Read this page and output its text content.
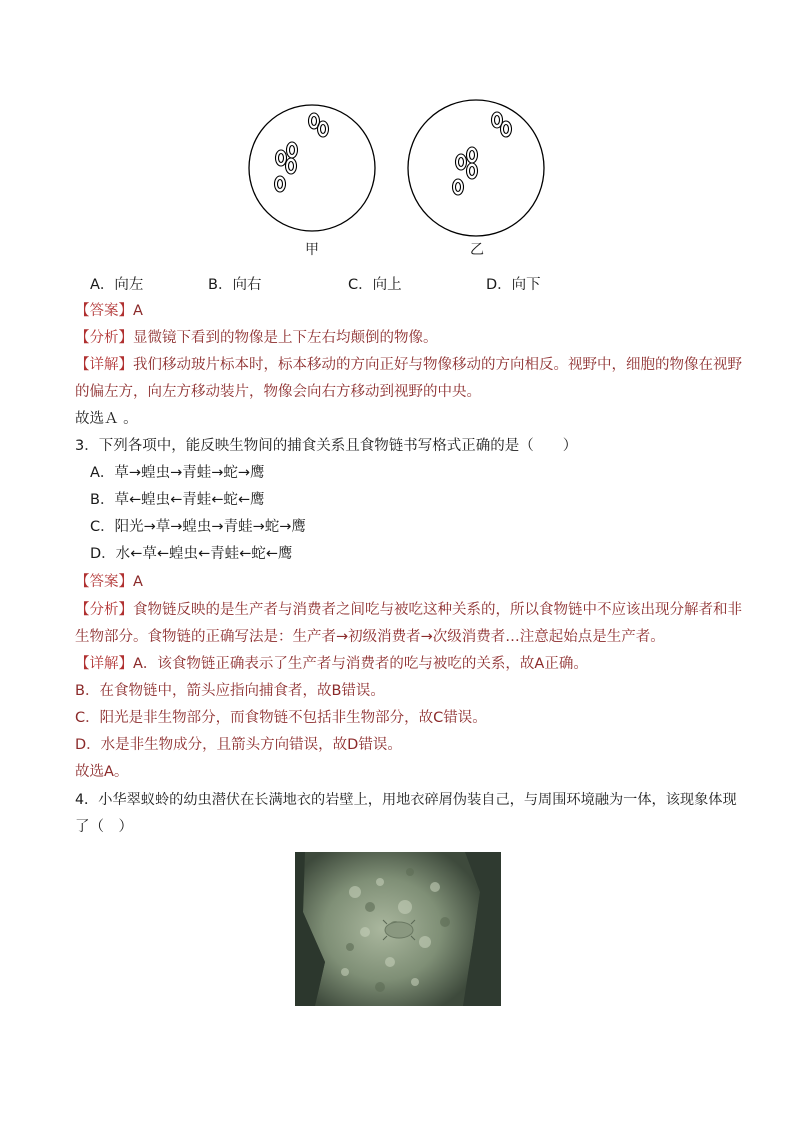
甲	乙
A．向左	B．向右	C．向上	D．向下
【答案】A
【分析】显微镜下看到的物像是上下左右均颠倒的物像。
【详解】我们移动玻片标本时，标本移动的方向正好与物像移动的方向相反。视野中，细胞的物像在视野
的偏左方，向左方移动装片，物像会向右方移动到视野的中央。
故选Ａ 。
3．下列各项中，能反映生物间的捕食关系且食物链书写格式正确的是（　　）
A．草→蝗虫→青蛙→蛇→鹰
B．草←蝗虫←青蛙←蛇←鹰
C．阳光→草→蝗虫→青蛙→蛇→鹰
D．水←草←蝗虫←青蛙←蛇←鹰
【答案】A
【分析】食物链反映的是生产者与消费者之间吃与被吃这种关系的，所以食物链中不应该出现分解者和非
生物部分。食物链的正确写法是：生产者→初级消费者→次级消费者…注意起始点是生产者。
【详解】A．该食物链正确表示了生产者与消费者的吃与被吃的关系，故A正确。
B．在食物链中，箭头应指向捕食者，故B错误。
C．阳光是非生物部分，而食物链不包括非生物部分，故C错误。
D．水是非生物成分，且箭头方向错误，故D错误。
故选A。
4．小华翠蚁蛉的幼虫潜伏在长满地衣的岩壁上，用地衣碎屑伪装自己，与周围环境融为一体，该现象体现
了（　）
